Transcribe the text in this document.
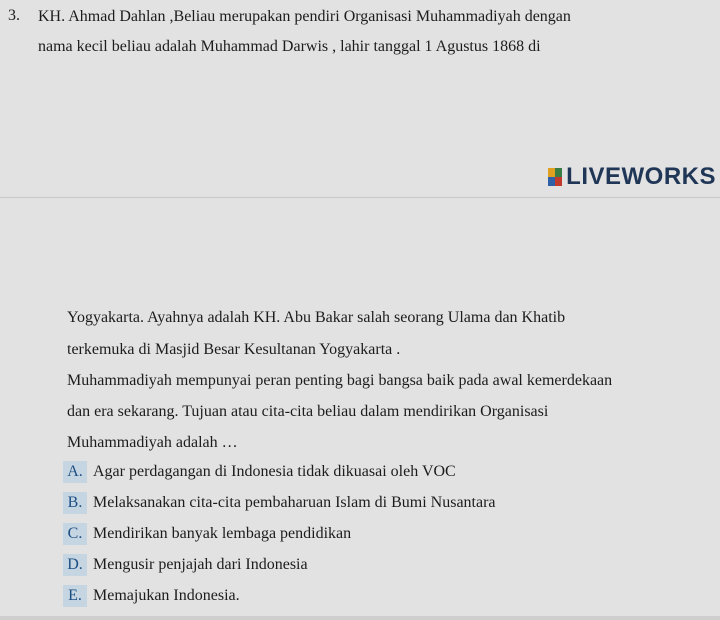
3. KH. Ahmad Dahlan ,Beliau merupakan pendiri Organisasi Muhammadiyah dengan
nama kecil beliau adalah Muhammad Darwis , lahir tanggal 1 Agustus 1868 di
LIVEWORKS
Yogyakarta. Ayahnya adalah KH. Abu Bakar salah seorang Ulama dan Khatib
terkemuka di Masjid Besar Kesultanan Yogyakarta .
Muhammadiyah mempunyai peran penting bagi bangsa baik pada awal kemerdekaan
dan era sekarang. Tujuan atau cita-cita beliau dalam mendirikan Organisasi
Muhammadiyah adalah …
A. Agar perdagangan di Indonesia tidak dikuasai oleh VOC
B. Melaksanakan cita-cita pembaharuan Islam di Bumi Nusantara
C. Mendirikan banyak lembaga pendidikan
D. Mengusir penjajah dari Indonesia
E. Memajukan Indonesia.
